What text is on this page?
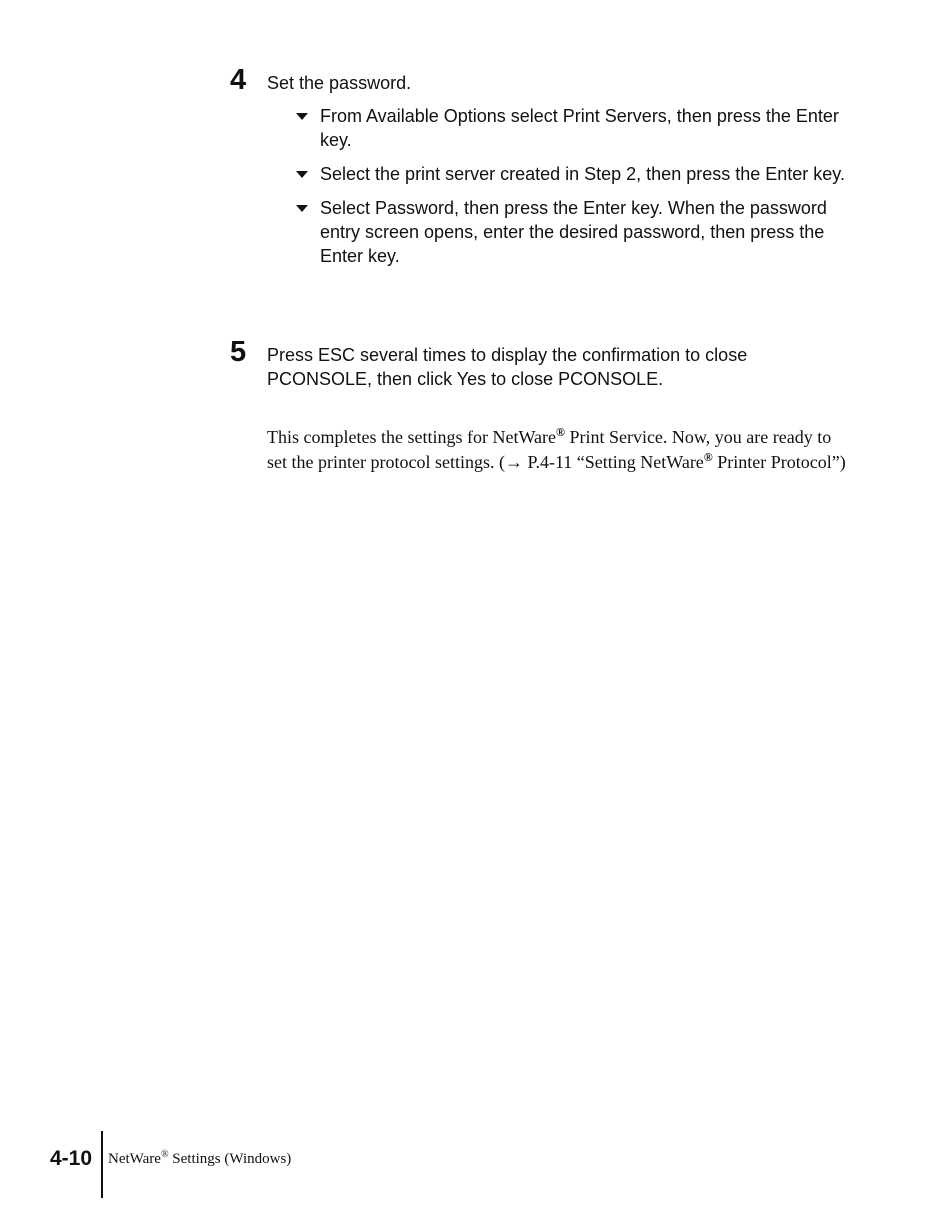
4 Set the password.
From Available Options select Print Servers, then press the Enter key.
Select the print server created in Step 2, then press the Enter key.
Select Password, then press the Enter key. When the password entry screen opens, enter the desired password, then press the Enter key.
5 Press ESC several times to display the confirmation to close PCONSOLE, then click Yes to close PCONSOLE.
This completes the settings for NetWare® Print Service. Now, you are ready to set the printer protocol settings. (→ P.4-11 “Setting NetWare® Printer Protocol”)
4-10 NetWare® Settings (Windows)
